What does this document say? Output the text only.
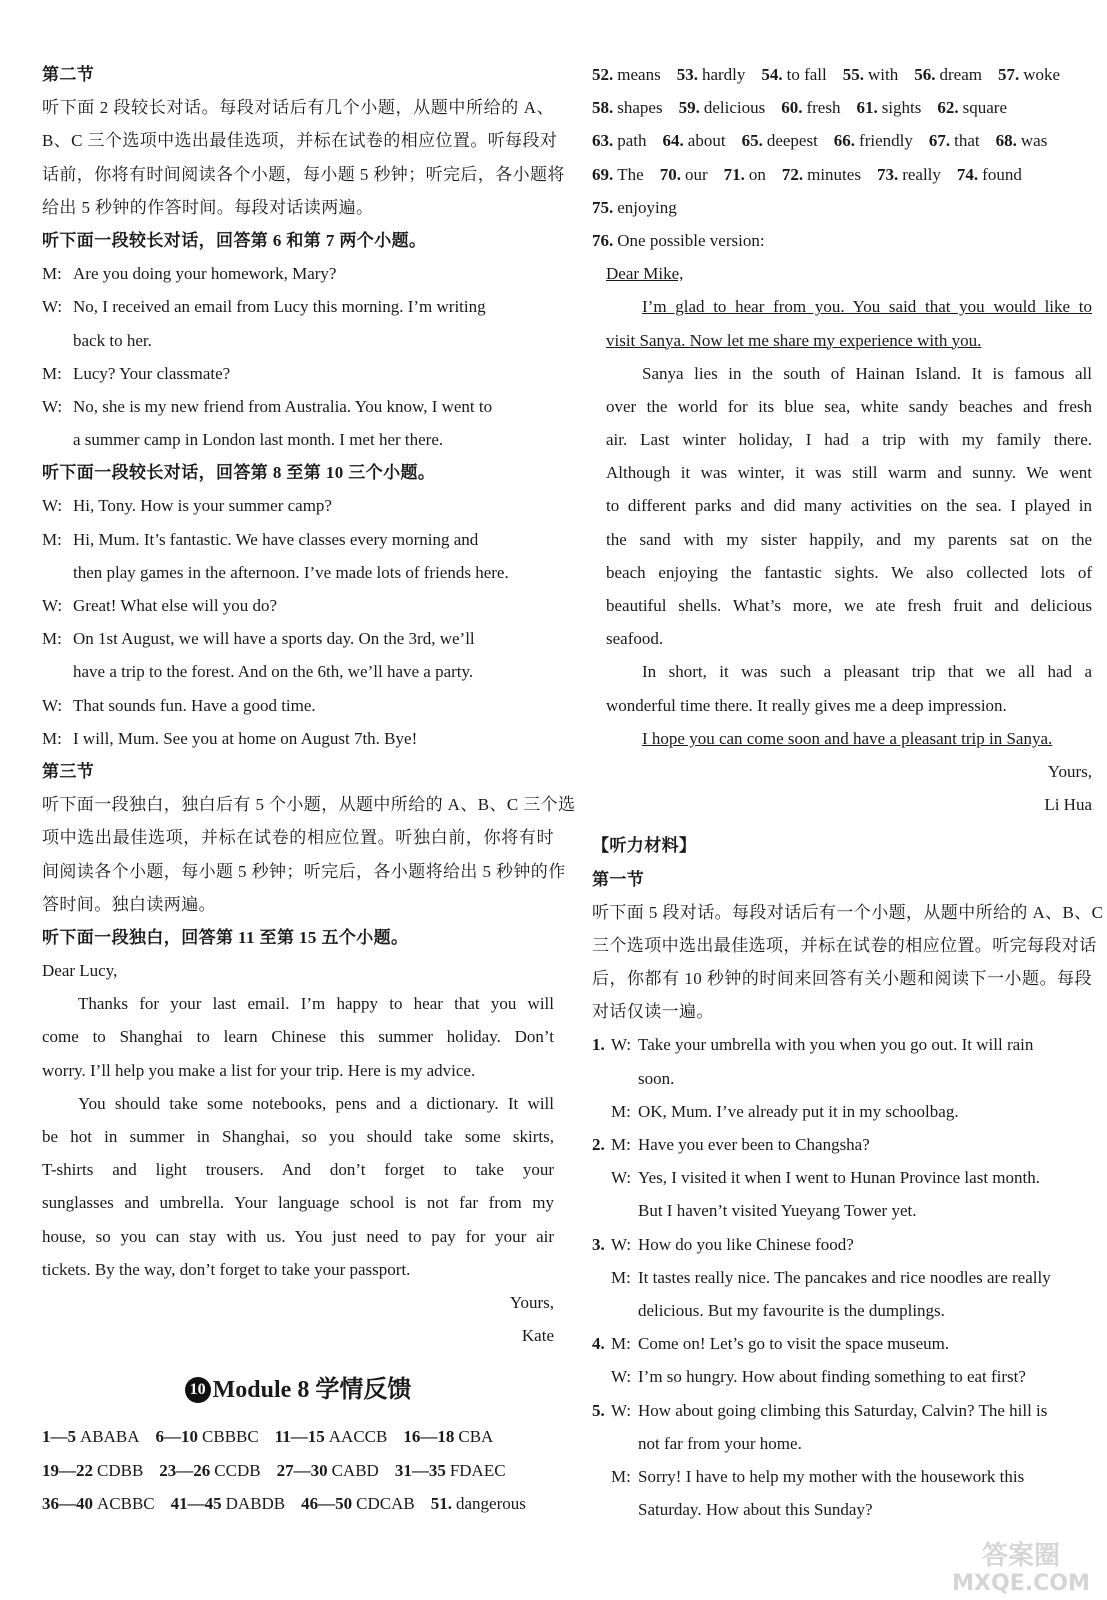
第二节
听下面 2 段较长对话。每段对话后有几个小题，从题中所给的 A、
B、C 三个选项中选出最佳选项，并标在试卷的相应位置。听每段对
话前，你将有时间阅读各个小题，每小题 5 秒钟；听完后，各小题将
给出 5 秒钟的作答时间。每段对话读两遍。
听下面一段较长对话，回答第 6 和第 7 两个小题。
M: Are you doing your homework, Mary?
W: No, I received an email from Lucy this morning. I’m writing
back to her.
M: Lucy? Your classmate?
W: No, she is my new friend from Australia. You know, I went to
a summer camp in London last month. I met her there.
听下面一段较长对话，回答第 8 至第 10 三个小题。
W: Hi, Tony. How is your summer camp?
M: Hi, Mum. It’s fantastic. We have classes every morning and
then play games in the afternoon. I’ve made lots of friends here.
W: Great! What else will you do?
M: On 1st August, we will have a sports day. On the 3rd, we’ll
have a trip to the forest. And on the 6th, we’ll have a party.
W: That sounds fun. Have a good time.
M: I will, Mum. See you at home on August 7th. Bye!
第三节
听下面一段独白，独白后有 5 个小题，从题中所给的 A、B、C 三个选
项中选出最佳选项，并标在试卷的相应位置。听独白前，你将有时
间阅读各个小题，每小题 5 秒钟；听完后，各小题将给出 5 秒钟的作
答时间。独白读两遍。
听下面一段独白，回答第 11 至第 15 五个小题。
Dear Lucy,
Thanks for your last email. I’m happy to hear that you will
come to Shanghai to learn Chinese this summer holiday. Don’t
worry. I’ll help you make a list for your trip. Here is my advice.
You should take some notebooks, pens and a dictionary. It will
be hot in summer in Shanghai, so you should take some skirts,
T-shirts and light trousers. And don’t forget to take your
sunglasses and umbrella. Your language school is not far from my
house, so you can stay with us. You just need to pay for your air
tickets. By the way, don’t forget to take your passport.
Yours,
Kate
10 Module 8 学情反馈
1—5 ABABA 6—10 CBBBC 11—15 AACCB 16—18 CBA
19—22 CDBB 23—26 CCDB 27—30 CABD 31—35 FDAEC
36—40 ACBBC 41—45 DABDB 46—50 CDCAB 51. dangerous
52. means 53. hardly 54. to fall 55. with 56. dream 57. woke
58. shapes 59. delicious 60. fresh 61. sights 62. square
63. path 64. about 65. deepest 66. friendly 67. that 68. was
69. The 70. our 71. on 72. minutes 73. really 74. found
75. enjoying
76. One possible version:
Dear Mike,
I’m glad to hear from you. You said that you would like to
visit Sanya. Now let me share my experience with you.
Sanya lies in the south of Hainan Island. It is famous all
over the world for its blue sea, white sandy beaches and fresh
air. Last winter holiday, I had a trip with my family there.
Although it was winter, it was still warm and sunny. We went
to different parks and did many activities on the sea. I played in
the sand with my sister happily, and my parents sat on the
beach enjoying the fantastic sights. We also collected lots of
beautiful shells. What’s more, we ate fresh fruit and delicious
seafood.
In short, it was such a pleasant trip that we all had a
wonderful time there. It really gives me a deep impression.
I hope you can come soon and have a pleasant trip in Sanya.
Yours,
Li Hua
【听力材料】
第一节
听下面 5 段对话。每段对话后有一个小题，从题中所给的 A、B、C
三个选项中选出最佳选项，并标在试卷的相应位置。听完每段对话
后，你都有 10 秒钟的时间来回答有关小题和阅读下一小题。每段
对话仅读一遍。
1. W: Take your umbrella with you when you go out. It will rain
soon.
M: OK, Mum. I’ve already put it in my schoolbag.
2. M: Have you ever been to Changsha?
W: Yes, I visited it when I went to Hunan Province last month.
But I haven’t visited Yueyang Tower yet.
3. W: How do you like Chinese food?
M: It tastes really nice. The pancakes and rice noodles are really
delicious. But my favourite is the dumplings.
4. M: Come on! Let’s go to visit the space museum.
W: I’m so hungry. How about finding something to eat first?
5. W: How about going climbing this Saturday, Calvin? The hill is
not far from your home.
M: Sorry! I have to help my mother with the housework this
Saturday. How about this Sunday?
答案圈
MXQE.COM
